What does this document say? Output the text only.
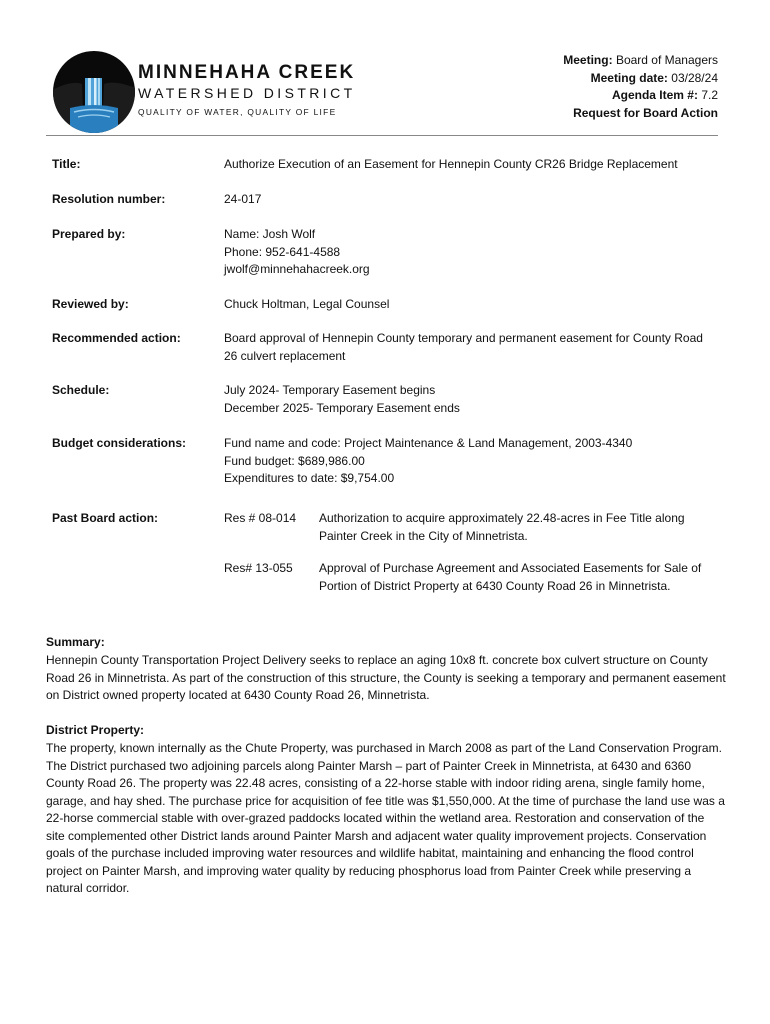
MINNEHAHA CREEK
WATERSHED DISTRICT
QUALITY OF WATER, QUALITY OF LIFE
Meeting: Board of Managers
Meeting date: 03/28/24
Agenda Item #: 7.2
Request for Board Action
Title:	Authorize Execution of an Easement for Hennepin County CR26 Bridge Replacement
Resolution number:	24-017
Prepared by:	Name: Josh Wolf
Phone: 952-641-4588
jwolf@minnehahacreek.org
Reviewed by:	Chuck Holtman, Legal Counsel
Recommended action:	Board approval of Hennepin County temporary and permanent easement for County Road 26 culvert replacement
Schedule:	July 2024- Temporary Easement begins
December 2025- Temporary Easement ends
Budget considerations:	Fund name and code: Project Maintenance & Land Management, 2003-4340
Fund budget: $689,986.00
Expenditures to date: $9,754.00
Past Board action:	Res # 08-014 Authorization to acquire approximately 22.48-acres in Fee Title along Painter Creek in the City of Minnetrista.
Res# 13-055 Approval of Purchase Agreement and Associated Easements for Sale of Portion of District Property at 6430 County Road 26 in Minnetrista.
Summary:
Hennepin County Transportation Project Delivery seeks to replace an aging 10x8 ft. concrete box culvert structure on County Road 26 in Minnetrista. As part of the construction of this structure, the County is seeking a temporary and permanent easement on District owned property located at 6430 County Road 26, Minnetrista.
District Property:
The property, known internally as the Chute Property, was purchased in March 2008 as part of the Land Conservation Program. The District purchased two adjoining parcels along Painter Marsh – part of Painter Creek in Minnetrista, at 6430 and 6360 County Road 26. The property was 22.48 acres, consisting of a 22-horse stable with indoor riding arena, single family home, garage, and hay shed. The purchase price for acquisition of fee title was $1,550,000. At the time of purchase the land use was a 22-horse commercial stable with over-grazed paddocks located within the wetland area. Restoration and conservation of the site complemented other District lands around Painter Marsh and adjacent water quality improvement projects. Conservation goals of the purchase included improving water resources and wildlife habitat, maintaining and enhancing the flood control project on Painter Marsh, and improving water quality by reducing phosphorus load from Painter Creek while preserving a natural corridor.
